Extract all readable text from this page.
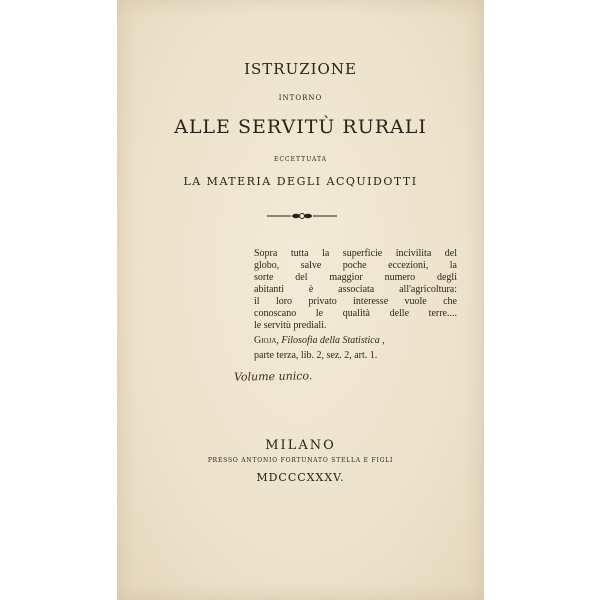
ISTRUZIONE
INTORNO
ALLE SERVITÙ RURALI
ECCETTUATA
LA MATERIA DEGLI ACQUIDOTTI
Sopra tutta la superficie incivilita del
globo, salve poche eccezioni, la
sorte del maggior numero degli
abitanti è associata all'agricoltura:
il loro privato interesse vuole che
conoscano le qualità delle terre....
le servitù prediali.
Gioja, Filosofia della Statistica ,
parte terza, lib. 2, sez. 2, art. 1.
Volume unico.
MILANO
PRESSO ANTONIO FORTUNATO STELLA E FIGLI
MDCCCXXXV.
